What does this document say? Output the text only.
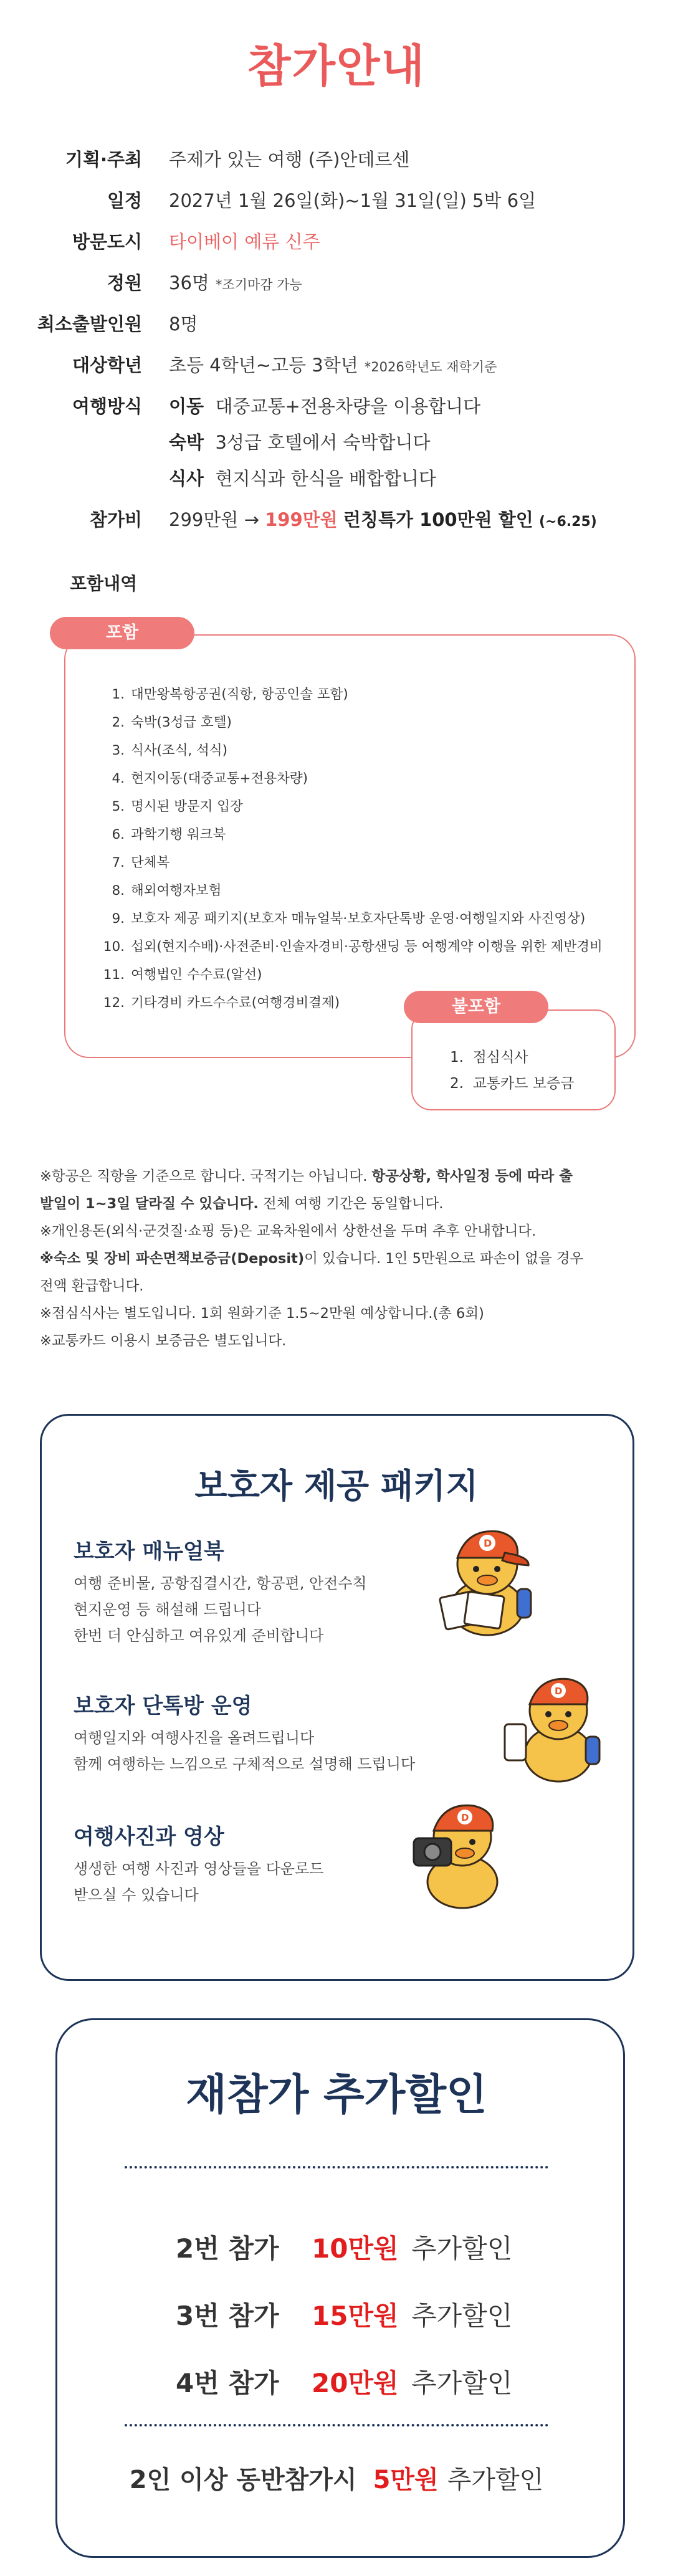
참가안내
기획·주최 주제가 있는 여행 (주)안데르센
일정 2027년 1월 26일(화)~1월 31일(일) 5박 6일
방문도시 타이베이 예류 신주
정원 36명 *조기마감 가능
최소출발인원 8명
대상학년 초등 4학년~고등 3학년 *2026학년도 재학기준
여행방식 이동 대중교통+전용차량을 이용합니다
숙박 3성급 호텔에서 숙박합니다
식사 현지식과 한식을 배합합니다
참가비 299만원 → 199만원 런칭특가 100만원 할인 (~6.25)
포함내역
포함
1. 대만왕복항공권(직항, 항공인솔 포함)
2. 숙박(3성급 호텔)
3. 식사(조식, 석식)
4. 현지이동(대중교통+전용차량)
5. 명시된 방문지 입장
6. 과학기행 워크북
7. 단체복
8. 해외여행자보험
9. 보호자 제공 패키지(보호자 매뉴얼북·보호자단톡방 운영·여행일지와 사진영상)
10. 섭외(현지수배)·사전준비·인솔자경비·공항샌딩 등 여행계약 이행을 위한 제반경비
11. 여행법인 수수료(알선)
12. 기타경비 카드수수료(여행경비결제)	불포함
1.  점심식사
2.  교통카드 보증금

※항공은 직항을 기준으로 합니다. 국적기는 아닙니다. 항공상황, 학사일정 등에 따라 출

발일이 1~3일 달라질 수 있습니다. 전체 여행 기간은 동일합니다.

※개인용돈(외식·군것질·쇼핑 등)은 교육차원에서 상한선을 두며 추후 안내합니다.

※숙소 및 장비 파손면책보증금(Deposit)이 있습니다. 1인 5만원으로 파손이 없을 경우

전액 환급합니다.

※점심식사는 별도입니다. 1회 원화기준 1.5~2만원 예상합니다.(총 6회)

※교통카드 이용시 보증금은 별도입니다.

보호자 제공 패키지
보호자 매뉴얼북
여행 준비물, 공항집결시간, 항공편, 안전수칙
현지운영 등 해설해 드립니다
한번 더 안심하고 여유있게 준비합니다
보호자 단톡방 운영
여행일지와 여행사진을 올려드립니다
함께 여행하는 느낌으로 구체적으로 설명해 드립니다
여행사진과 영상
생생한 여행 사진과 영상들을 다운로드
받으실 수 있습니다
D
D
D
재참가 추가할인
2번 참가 10만원 추가할인
3번 참가 15만원 추가할인
4번 참가 20만원 추가할인
2인 이상 동반참가시 5만원 추가할인
